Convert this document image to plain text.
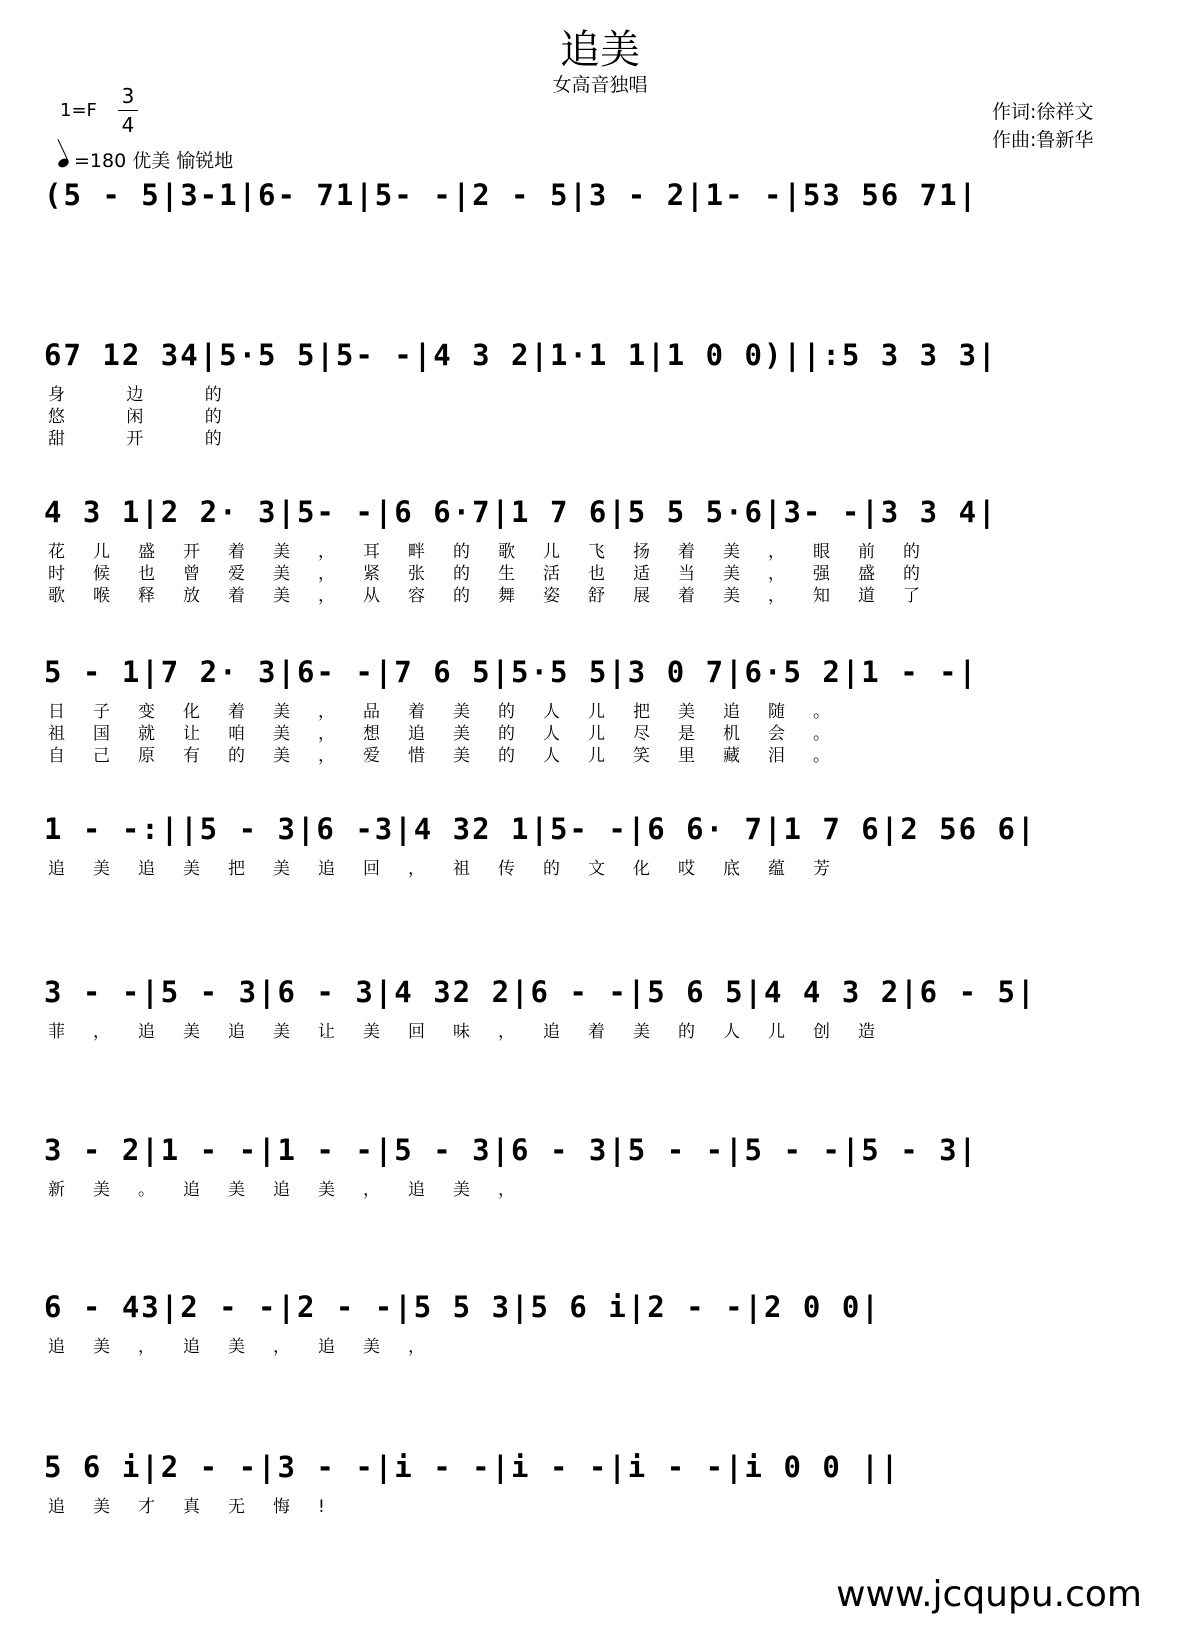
追美
女高音独唱
作词:徐祥文
作曲:鲁新华
1=F
3
4
=180 优美 愉锐地
(5 - 5|3-1|6- 71|5- -|2 - 5|3 - 2|1- -|53 56 71|
67 12 34|5·5 5|5- -|4 3 2|1·1 1|1 0 0)||:5 3 3 3|
身 边 的
悠 闲 的
甜 开 的
4 3 1|2 2· 3|5- -|6 6·7|1 7 6|5 5 5·6|3- -|3 3 4|
花儿盛开着美，耳畔的歌儿飞扬着美，眼前的
时候也曾爱美，紧张的生活也适当美，强盛的
歌喉释放着美，从容的舞姿舒展着美，知道了
5 - 1|7 2· 3|6- -|7 6 5|5·5 5|3 0 7|6·5 2|1 - -|
日子变化着美，品着美的人儿把美追随。
祖国就让咱美，想追美的人儿尽是机会。
自己原有的美，爱惜美的人儿笑里藏泪。
1 - -:||5 - 3|6 -3|4 32 1|5- -|6 6· 7|1 7 6|2 56 6|
追美追美把美追回，祖传的文化哎底蕴芳
3 - -|5 - 3|6 - 3|4 32 2|6 - -|5 6 5|4 4 3 2|6 - 5|
菲，追美追美让美回味，追着美的人儿创造
3 - 2|1 - -|1 - -|5 - 3|6 - 3|5 - -|5 - -|5 - 3|
新美。追美追美，追美，
6 - 43|2 - -|2 - -|5 5 3|5 6 i|2 - -|2 0 0|
追美，追美，追美，
5 6 i|2 - -|3 - -|i - -|i - -|i - -|i 0 0 ||
追美才真无悔!
www.jcqupu.com
